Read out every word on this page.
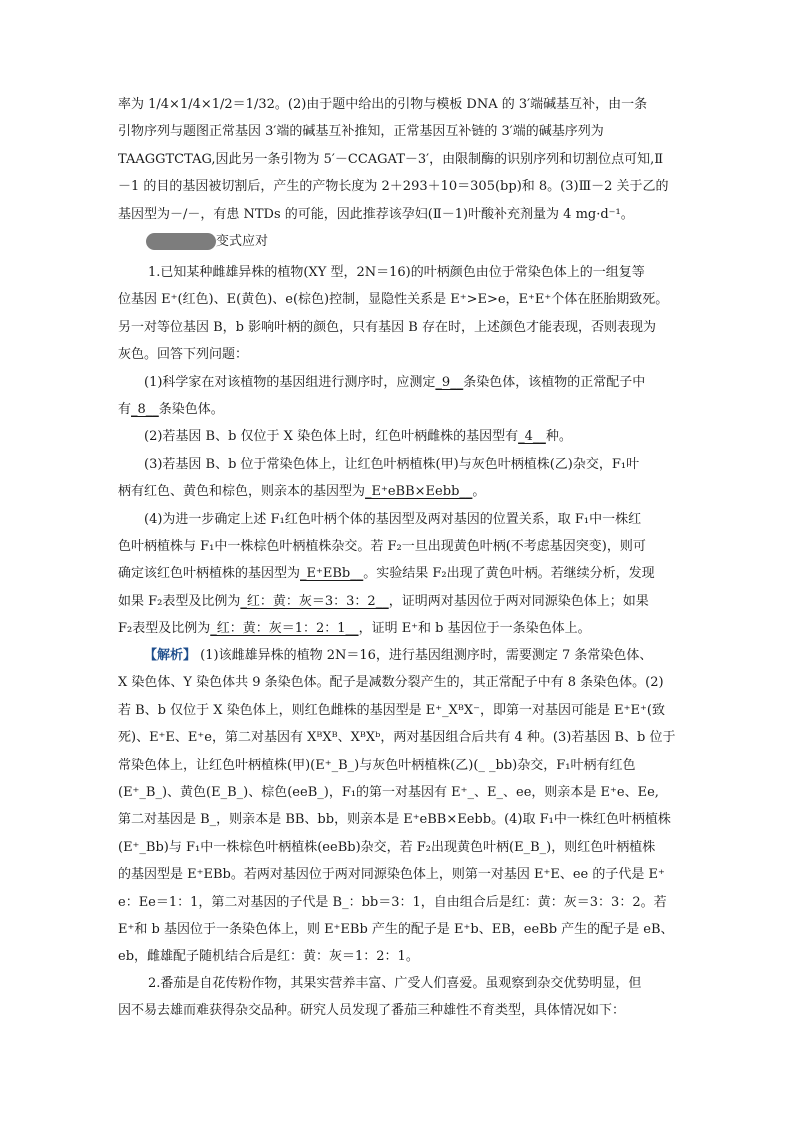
率为 1/4×1/4×1/2＝1/32。(2)由于题中给出的引物与模板 DNA 的 3′端碱基互补，由一条
引物序列与题图正常基因 3′端的碱基互补推知，正常基因互补链的 3′端的碱基序列为
TAAGGTCTAG,因此另一条引物为 5′－CCAGAT－3′，由限制酶的识别序列和切割位点可知,Ⅱ
－1 的目的基因被切割后，产生的产物长度为 2＋293＋10＝305(bp)和 8。(3)Ⅲ－2 关于乙的
基因型为－/－，有患 NTDs 的可能，因此推荐该孕妇(Ⅱ－1)叶酸补充剂量为 4 mg·d⁻¹。
变式应对
1.已知某种雌雄异株的植物(XY 型，2N＝16)的叶柄颜色由位于常染色体上的一组复等
位基因 E⁺(红色)、E(黄色)、e(棕色)控制，显隐性关系是 E⁺>E>e，E⁺E⁺个体在胚胎期致死。
另一对等位基因 B，b 影响叶柄的颜色，只有基因 B 存在时，上述颜色才能表现，否则表现为
灰色。回答下列问题：
(1)科学家在对该植物的基因组进行测序时，应测定_9__条染色体，该植物的正常配子中
有_8__条染色体。
(2)若基因 B、b 仅位于 X 染色体上时，红色叶柄雌株的基因型有_4__种。
(3)若基因 B、b 位于常染色体上，让红色叶柄植株(甲)与灰色叶柄植株(乙)杂交，F₁叶
柄有红色、黄色和棕色，则亲本的基因型为_E⁺eBB×Eebb__。
(4)为进一步确定上述 F₁红色叶柄个体的基因型及两对基因的位置关系，取 F₁中一株红
色叶柄植株与 F₁中一株棕色叶柄植株杂交。若 F₂一旦出现黄色叶柄(不考虑基因突变)，则可
确定该红色叶柄植株的基因型为_E⁺EBb__。实验结果 F₂出现了黄色叶柄。若继续分析，发现
如果 F₂表型及比例为_红：黄：灰＝3：3：2__，证明两对基因位于两对同源染色体上；如果
F₂表型及比例为_红：黄：灰＝1：2：1__，证明 E⁺和 b 基因位于一条染色体上。
【解析】 (1)该雌雄异株的植物 2N＝16，进行基因组测序时，需要测定 7 条常染色体、
X 染色体、Y 染色体共 9 条染色体。配子是减数分裂产生的，其正常配子中有 8 条染色体。(2)
若 B、b 仅位于 X 染色体上，则红色雌株的基因型是 E⁺_XᴮX⁻，即第一对基因可能是 E⁺E⁺(致
死)、E⁺E、E⁺e，第二对基因有 XᴮXᴮ、XᴮXᵇ，两对基因组合后共有 4 种。(3)若基因 B、b 位于
常染色体上，让红色叶柄植株(甲)(E⁺_B_)与灰色叶柄植株(乙)(_ _bb)杂交，F₁叶柄有红色
(E⁺_B_)、黄色(E_B_)、棕色(eeB_)，F₁的第一对基因有 E⁺_、E_、ee，则亲本是 E⁺e、Ee,
第二对基因是 B_，则亲本是 BB、bb，则亲本是 E⁺eBB×Eebb。(4)取 F₁中一株红色叶柄植株
(E⁺_Bb)与 F₁中一株棕色叶柄植株(eeBb)杂交，若 F₂出现黄色叶柄(E_B_)，则红色叶柄植株
的基因型是 E⁺EBb。若两对基因位于两对同源染色体上，则第一对基因 E⁺E、ee 的子代是 E⁺
e：Ee＝1：1，第二对基因的子代是 B_：bb＝3：1，自由组合后是红：黄：灰＝3：3：2。若
E⁺和 b 基因位于一条染色体上，则 E⁺EBb 产生的配子是 E⁺b、EB，eeBb 产生的配子是 eB、
eb，雌雄配子随机结合后是红：黄：灰＝1：2：1。
2.番茄是自花传粉作物，其果实营养丰富、广受人们喜爱。虽观察到杂交优势明显，但
因不易去雄而难获得杂交品种。研究人员发现了番茄三种雄性不育类型，具体情况如下：
